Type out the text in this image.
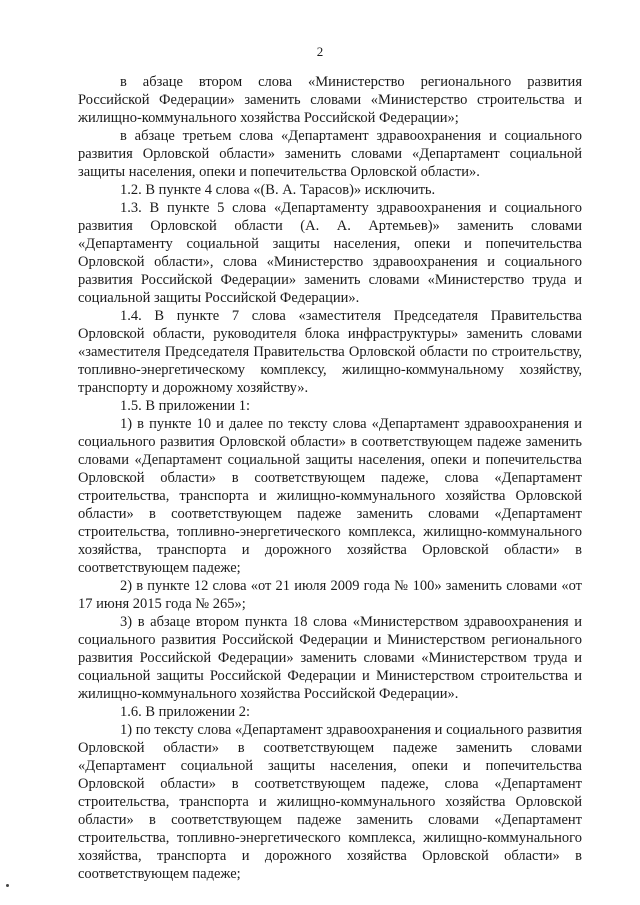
2

в абзаце втором слова «Министерство регионального развития Российской Федерации» заменить словами «Министерство строительства и жилищно-коммунального хозяйства Российской Федерации»;

в абзаце третьем слова «Департамент здравоохранения и социального развития Орловской области» заменить словами «Департамент социальной защиты населения, опеки и попечительства Орловской области».

1.2. В пункте 4 слова «(В. А. Тарасов)» исключить.

1.3. В пункте 5 слова «Департаменту здравоохранения и социального развития Орловской области (А. А. Артемьев)» заменить словами «Департаменту социальной защиты населения, опеки и попечительства Орловской области», слова «Министерство здравоохранения и социального развития Российской Федерации» заменить словами «Министерство труда и социальной защиты Российской Федерации».

1.4. В пункте 7 слова «заместителя Председателя Правительства Орловской области, руководителя блока инфраструктуры» заменить словами «заместителя Председателя Правительства Орловской области по строительству, топливно-энергетическому комплексу, жилищно-коммунальному хозяйству, транспорту и дорожному хозяйству».

1.5. В приложении 1:

1) в пункте 10 и далее по тексту слова «Департамент здравоохранения и социального развития Орловской области» в соответствующем падеже заменить словами «Департамент социальной защиты населения, опеки и попечительства Орловской области» в соответствующем падеже, слова «Департамент строительства, транспорта и жилищно-коммунального хозяйства Орловской области» в соответствующем падеже заменить словами «Департамент строительства, топливно-энергетического комплекса, жилищно-коммунального хозяйства, транспорта и дорожного хозяйства Орловской области» в соответствующем падеже;

2) в пункте 12 слова «от 21 июля 2009 года № 100» заменить словами «от 17 июня 2015 года № 265»;

3) в абзаце втором пункта 18 слова «Министерством здравоохранения и социального развития Российской Федерации и Министерством регионального развития Российской Федерации» заменить словами «Министерством труда и социальной защиты Российской Федерации и Министерством строительства и жилищно-коммунального хозяйства Российской Федерации».

1.6. В приложении 2:

1) по тексту слова «Департамент здравоохранения и социального развития Орловской области» в соответствующем падеже заменить словами «Департамент социальной защиты населения, опеки и попечительства Орловской области» в соответствующем падеже, слова «Департамент строительства, транспорта и жилищно-коммунального хозяйства Орловской области» в соответствующем падеже заменить словами «Департамент строительства, топливно-энергетического комплекса, жилищно-коммунального хозяйства, транспорта и дорожного хозяйства Орловской области» в соответствующем падеже;
